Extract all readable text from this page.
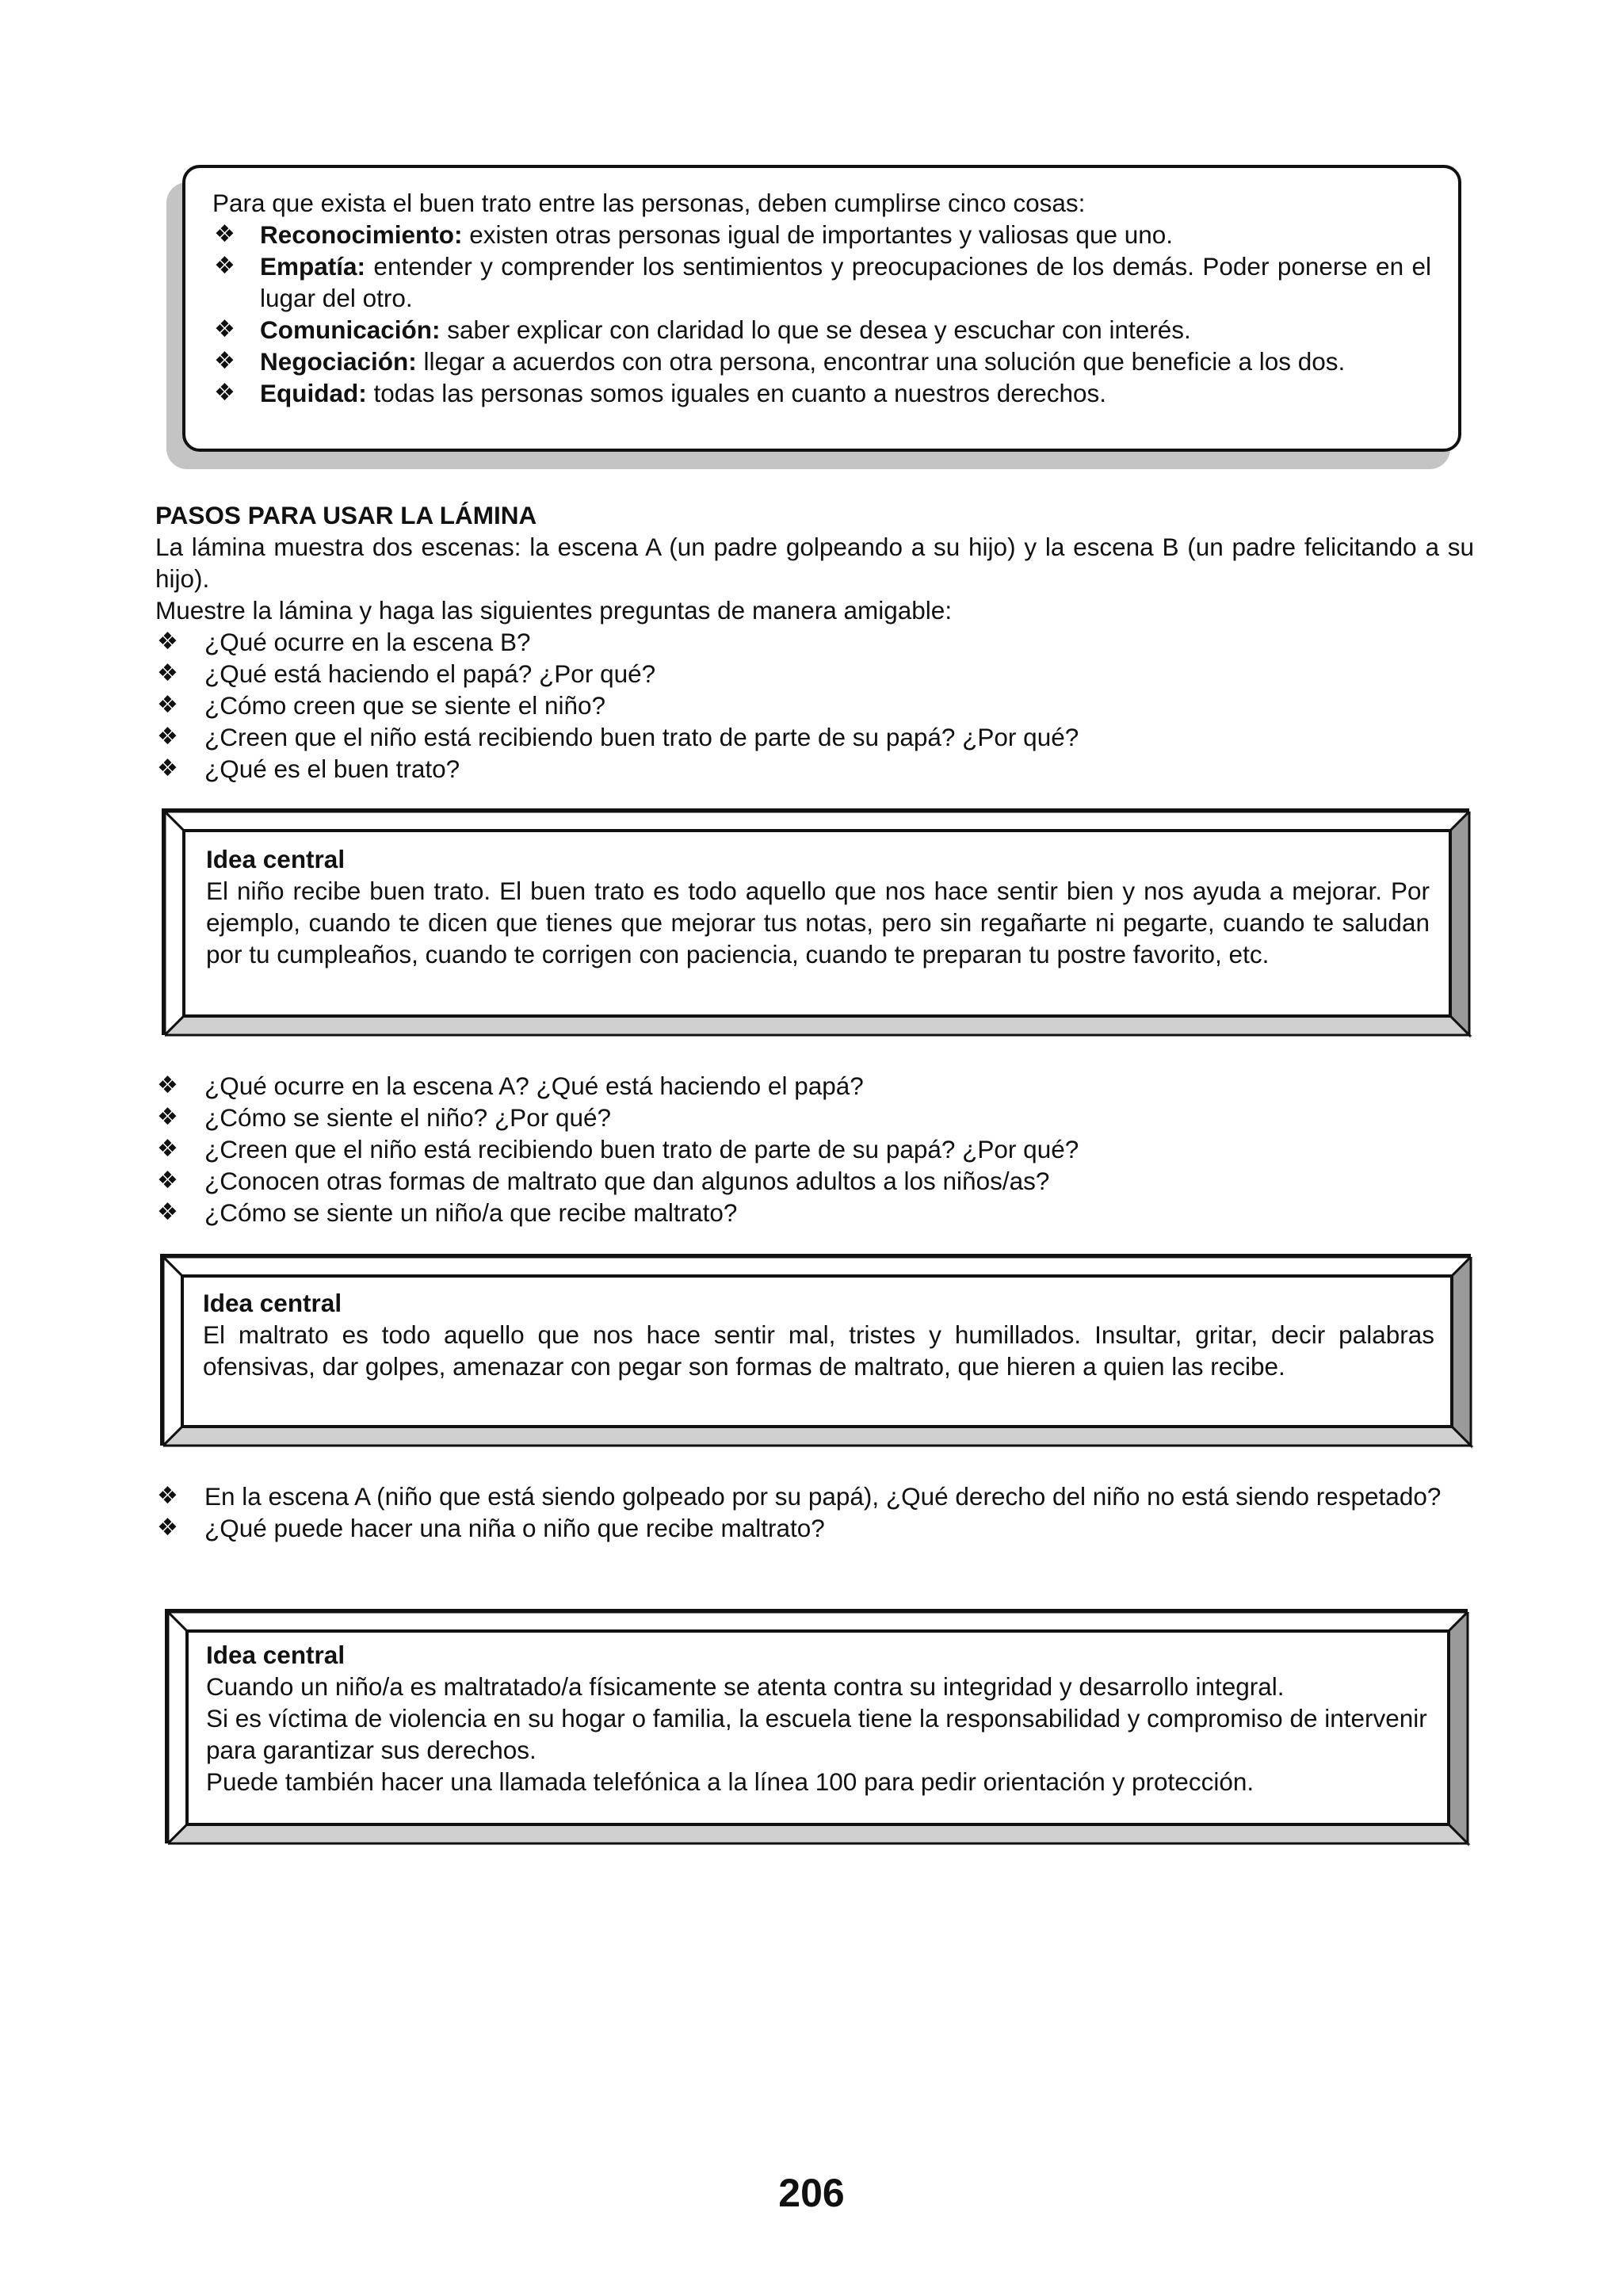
Para que exista el buen trato entre las personas, deben cumplirse cinco cosas:
❖ Reconocimiento: existen otras personas igual de importantes y valiosas que uno.
❖ Empatía: entender y comprender los sentimientos y preocupaciones de los demás. Poder ponerse en el lugar del otro.
❖ Comunicación: saber explicar con claridad lo que se desea y escuchar con interés.
❖ Negociación: llegar a acuerdos con otra persona, encontrar una solución que beneficie a los dos.
❖ Equidad: todas las personas somos iguales en cuanto a nuestros derechos.
PASOS PARA USAR LA LÁMINA
La lámina muestra dos escenas: la escena A (un padre golpeando a su hijo) y la escena B (un padre felicitando a su hijo).
Muestre la lámina y haga las siguientes preguntas de manera amigable:
❖ ¿Qué ocurre en la escena B?
❖ ¿Qué está haciendo el papá? ¿Por qué?
❖ ¿Cómo creen que se siente el niño?
❖ ¿Creen que el niño está recibiendo buen trato de parte de su papá? ¿Por qué?
❖ ¿Qué es el buen trato?
Idea central
El niño recibe buen trato. El buen trato es todo aquello que nos hace sentir bien y nos ayuda a mejorar. Por ejemplo, cuando te dicen que tienes que mejorar tus notas, pero sin regañarte ni pegarte, cuando te saludan por tu cumpleaños, cuando te corrigen con paciencia, cuando te preparan tu postre favorito, etc.
❖ ¿Qué ocurre en la escena A? ¿Qué está haciendo el papá?
❖ ¿Cómo se siente el niño? ¿Por qué?
❖ ¿Creen que el niño está recibiendo buen trato de parte de su papá? ¿Por qué?
❖ ¿Conocen otras formas de maltrato que dan algunos adultos a los niños/as?
❖ ¿Cómo se siente un niño/a que recibe maltrato?
Idea central
El maltrato es todo aquello que nos hace sentir mal, tristes y humillados. Insultar, gritar, decir palabras ofensivas, dar golpes, amenazar con pegar son formas de maltrato, que hieren a quien las recibe.
❖ En la escena A (niño que está siendo golpeado por su papá), ¿Qué derecho del niño no está siendo respetado?
❖ ¿Qué puede hacer una niña o niño que recibe maltrato?
Idea central
Cuando un niño/a es maltratado/a físicamente se atenta contra su integridad y desarrollo integral.
Si es víctima de violencia en su hogar o familia, la escuela tiene la responsabilidad y compromiso de intervenir para garantizar sus derechos.
Puede también hacer una llamada telefónica a la línea 100 para pedir orientación y protección.
206
